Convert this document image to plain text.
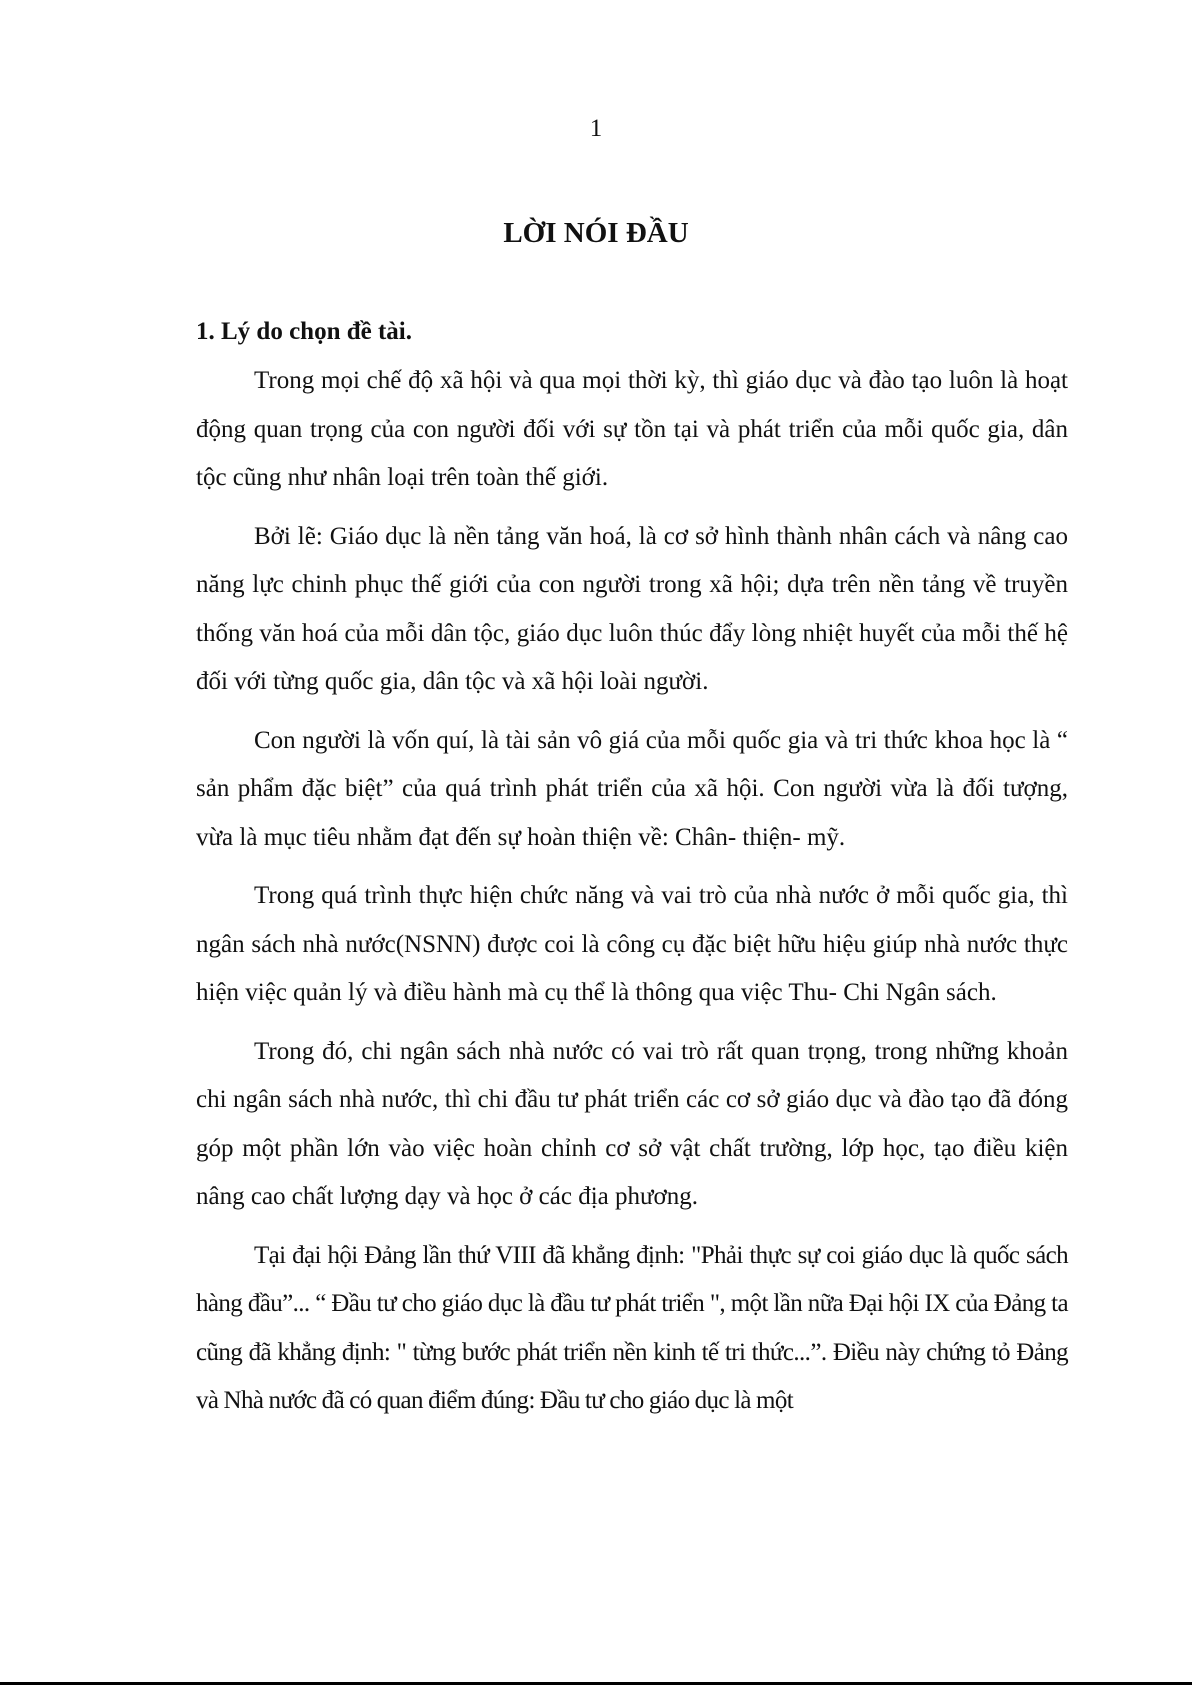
1
LỜI NÓI ĐẦU
1. Lý do chọn đề tài.

Trong mọi chế độ xã hội và qua mọi thời kỳ, thì giáo dục và đào tạo luôn là hoạt động quan trọng của con người đối với sự tồn tại và phát triển của mỗi quốc gia, dân tộc cũng như nhân loại trên toàn thế giới.

Bởi lẽ: Giáo dục là nền tảng văn hoá, là cơ sở hình thành nhân cách và nâng cao năng lực chinh phục thế giới của con người trong xã hội; dựa trên nền tảng về truyền thống văn hoá của mỗi dân tộc, giáo dục luôn thúc đẩy lòng nhiệt huyết của mỗi thế hệ đối với từng quốc gia, dân tộc và xã hội loài người.

Con người là vốn quí, là tài sản vô giá của mỗi quốc gia và tri thức khoa học là “ sản phẩm đặc biệt” của quá trình phát triển của xã hội. Con người vừa là đối tượng, vừa là mục tiêu nhằm đạt đến sự hoàn thiện về: Chân- thiện- mỹ.

Trong quá trình thực hiện chức năng và vai trò của nhà nước ở mỗi quốc gia, thì ngân sách nhà nước(NSNN) được coi là công cụ đặc biệt hữu hiệu giúp nhà nước thực hiện việc quản lý và điều hành mà cụ thể là thông qua việc Thu- Chi Ngân sách.

Trong đó, chi ngân sách nhà nước có vai trò rất quan trọng, trong những khoản chi ngân sách nhà nước, thì chi đầu tư phát triển các cơ sở giáo dục và đào tạo đã đóng góp một phần lớn vào việc hoàn chỉnh cơ sở vật chất trường, lớp học, tạo điều kiện nâng cao chất lượng dạy và học ở các địa phương.

Tại đại hội Đảng lần thứ VIII đã khẳng định: "Phải thực sự coi giáo dục là quốc sách hàng đầu”... “ Đầu tư cho giáo dục là đầu tư phát triển ", một lần nữa Đại hội IX của Đảng ta cũng đã khẳng định: " từng bước phát triển nền kinh tế tri thức...”. Điều này chứng tỏ Đảng và Nhà nước đã có quan điểm đúng: Đầu tư cho giáo dục là một
